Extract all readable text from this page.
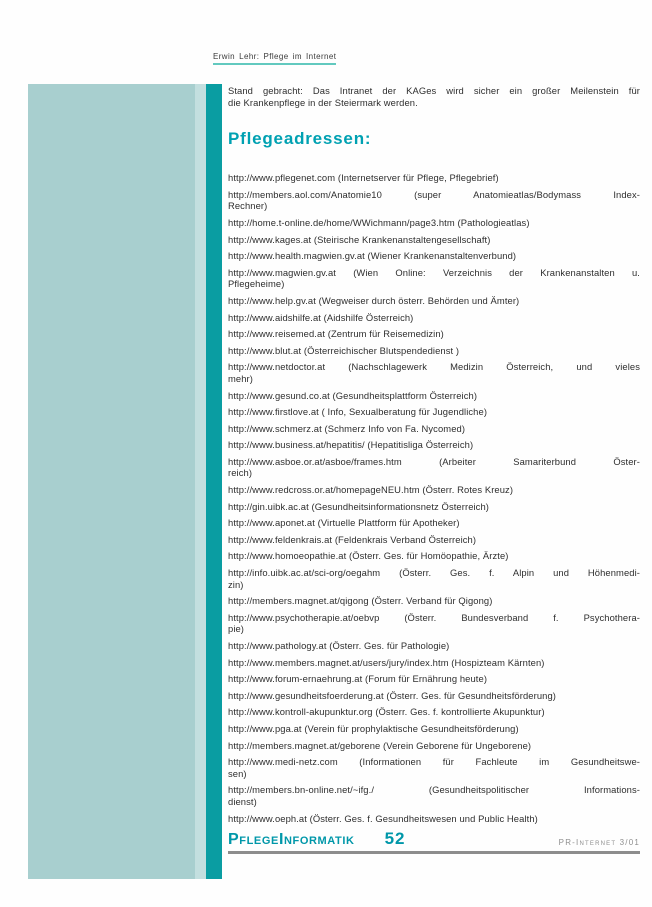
Erwin Lehr: Pflege im Internet
Stand gebracht: Das Intranet der KAGes wird sicher ein großer Meilenstein für
die Krankenpflege in der Steiermark werden.
Pflegeadressen:
http://www.pflegenet.com (Internetserver für Pflege, Pflegebrief)
http://members.aol.com/Anatomie10 (super Anatomieatlas/Bodymass Index-
Rechner)
http://home.t-online.de/home/WWichmann/page3.htm (Pathologieatlas)
http://www.kages.at (Steirische Krankenanstaltengesellschaft)
http://www.health.magwien.gv.at (Wiener Krankenanstaltenverbund)
http://www.magwien.gv.at (Wien Online: Verzeichnis der Krankenanstalten u.
Pflegeheime)
http://www.help.gv.at (Wegweiser durch österr. Behörden und Ämter)
http://www.aidshilfe.at (Aidshilfe Österreich)
http://www.reisemed.at (Zentrum für Reisemedizin)
http://www.blut.at (Österreichischer Blutspendedienst )
http://www.netdoctor.at (Nachschlagewerk Medizin Österreich, und vieles
mehr)
http://www.gesund.co.at (Gesundheitsplattform Österreich)
http://www.firstlove.at ( Info, Sexualberatung für Jugendliche)
http://www.schmerz.at (Schmerz Info von Fa. Nycomed)
http://www.business.at/hepatitis/ (Hepatitisliga Österreich)
http://www.asboe.or.at/asboe/frames.htm (Arbeiter Samariterbund Öster-
reich)
http://www.redcross.or.at/homepageNEU.htm (Österr. Rotes Kreuz)
http://gin.uibk.ac.at (Gesundheitsinformationsnetz Österreich)
http://www.aponet.at (Virtuelle Plattform für Apotheker)
http://www.feldenkrais.at (Feldenkrais Verband Österreich)
http://www.homoeopathie.at (Österr. Ges. für Homöopathie, Ärzte)
http://info.uibk.ac.at/sci-org/oegahm (Österr. Ges. f. Alpin und Höhenmedi-
zin)
http://members.magnet.at/qigong (Österr. Verband für Qigong)
http://www.psychotherapie.at/oebvp (Österr. Bundesverband f. Psychothera-
pie)
http://www.pathology.at (Österr. Ges. für Pathologie)
http://www.members.magnet.at/users/jury/index.htm (Hospizteam Kärnten)
http://www.forum-ernaehrung.at (Forum für Ernährung heute)
http://www.gesundheitsfoerderung.at (Österr. Ges. für Gesundheitsförderung)
http://www.kontroll-akupunktur.org (Österr. Ges. f. kontrollierte Akupunktur)
http://www.pga.at (Verein für prophylaktische Gesundheitsförderung)
http://members.magnet.at/geborene (Verein Geborene für Ungeborene)
http://www.medi-netz.com (Informationen für Fachleute im Gesundheitswe-
sen)
http://members.bn-online.net/~ifg./ (Gesundheitspolitischer Informations-
dienst)
http://www.oeph.at (Österr. Ges. f. Gesundheitswesen und Public Health)
PflegeInformatik 52	PR-Internet 3/01
